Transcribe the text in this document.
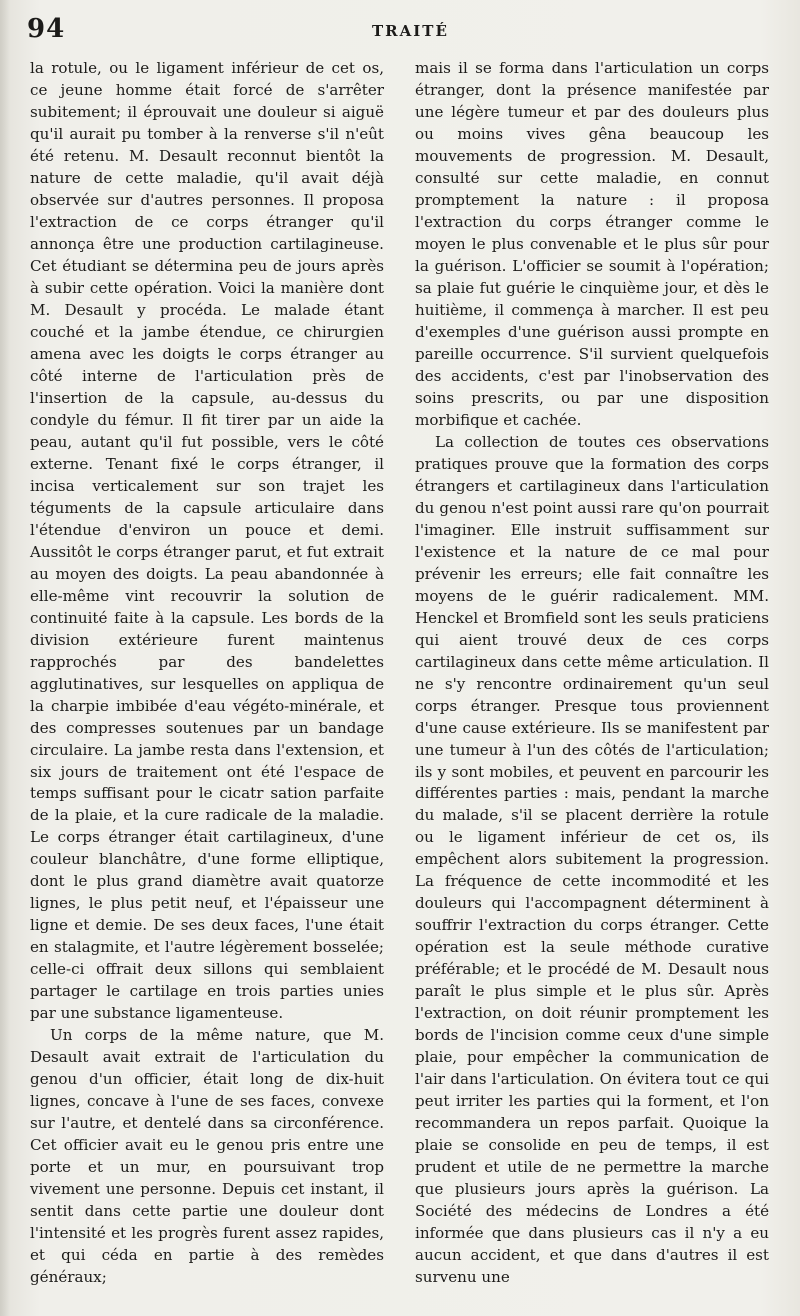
94	TRAITÉ

la rotule, ou le ligament inférieur de cet os, ce jeune homme était forcé de s'arrêter subitement; il éprouvait une douleur si aiguë qu'il aurait pu tomber à la renverse s'il n'eût été retenu. M. Desault reconnut bientôt la nature de cette maladie, qu'il avait déjà observée sur d'autres personnes. Il proposa l'extraction de ce corps étranger qu'il annonça être une production cartilagineuse. Cet étudiant se détermina peu de jours après à subir cette opération. Voici la manière dont M. Desault y procéda. Le malade étant couché et la jambe étendue, ce chirurgien amena avec les doigts le corps étranger au côté interne de l'articulation près de l'insertion de la capsule, au-dessus du condyle du fémur. Il fit tirer par un aide la peau, autant qu'il fut possible, vers le côté externe. Tenant fixé le corps étranger, il incisa verticalement sur son trajet les téguments de la capsule articulaire dans l'étendue d'environ un pouce et demi. Aussitôt le corps étranger parut, et fut extrait au moyen des doigts. La peau abandonnée à elle-même vint recouvrir la solution de continuité faite à la capsule. Les bords de la division extérieure furent maintenus rapprochés par des bandelettes agglutinatives, sur lesquelles on appliqua de la charpie imbibée d'eau végéto-minérale, et des compresses soutenues par un bandage circulaire. La jambe resta dans l'extension, et six jours de traitement ont été l'espace de temps suffisant pour le cicatr sation parfaite de la plaie, et la cure radicale de la maladie. Le corps étranger était cartilagineux, d'une couleur blanchâtre, d'une forme elliptique, dont le plus grand diamètre avait quatorze lignes, le plus petit neuf, et l'épaisseur une ligne et demie. De ses deux faces, l'une était en stalagmite, et l'autre légèrement bosselée; celle-ci offrait deux sillons qui semblaient partager le cartilage en trois parties unies par une substance ligamenteuse.

Un corps de la même nature, que M. Desault avait extrait de l'articulation du genou d'un officier, était long de dix-huit lignes, concave à l'une de ses faces, convexe sur l'autre, et dentelé dans sa circonférence. Cet officier avait eu le genou pris entre une porte et un mur, en poursuivant trop vivement une personne. Depuis cet instant, il sentit dans cette partie une douleur dont l'intensité et les progrès furent assez rapides, et qui céda en partie à des remèdes généraux;

mais il se forma dans l'articulation un corps étranger, dont la présence manifestée par une légère tumeur et par des douleurs plus ou moins vives gêna beaucoup les mouvements de progression. M. Desault, consulté sur cette maladie, en connut promptement la nature : il proposa l'extraction du corps étranger comme le moyen le plus convenable et le plus sûr pour la guérison. L'officier se soumit à l'opération; sa plaie fut guérie le cinquième jour, et dès le huitième, il commença à marcher. Il est peu d'exemples d'une guérison aussi prompte en pareille occurrence. S'il survient quelquefois des accidents, c'est par l'inobservation des soins prescrits, ou par une disposition morbifique et cachée.

La collection de toutes ces observations pratiques prouve que la formation des corps étrangers et cartilagineux dans l'articulation du genou n'est point aussi rare qu'on pourrait l'imaginer. Elle instruit suffisamment sur l'existence et la nature de ce mal pour prévenir les erreurs; elle fait connaître les moyens de le guérir radicalement. MM. Henckel et Bromfield sont les seuls praticiens qui aient trouvé deux de ces corps cartilagineux dans cette même articulation. Il ne s'y rencontre ordinairement qu'un seul corps étranger. Presque tous proviennent d'une cause extérieure. Ils se manifestent par une tumeur à l'un des côtés de l'articulation; ils y sont mobiles, et peuvent en parcourir les différentes parties : mais, pendant la marche du malade, s'il se placent derrière la rotule ou le ligament inférieur de cet os, ils empêchent alors subitement la progression. La fréquence de cette incommodité et les douleurs qui l'accompagnent déterminent à souffrir l'extraction du corps étranger. Cette opération est la seule méthode curative préférable; et le procédé de M. Desault nous paraît le plus simple et le plus sûr. Après l'extraction, on doit réunir promptement les bords de l'incision comme ceux d'une simple plaie, pour empêcher la communication de l'air dans l'articulation. On évitera tout ce qui peut irriter les parties qui la forment, et l'on recommandera un repos parfait. Quoique la plaie se consolide en peu de temps, il est prudent et utile de ne permettre la marche que plusieurs jours après la guérison. La Société des médecins de Londres a été informée que dans plusieurs cas il n'y a eu aucun accident, et que dans d'autres il est survenu une
